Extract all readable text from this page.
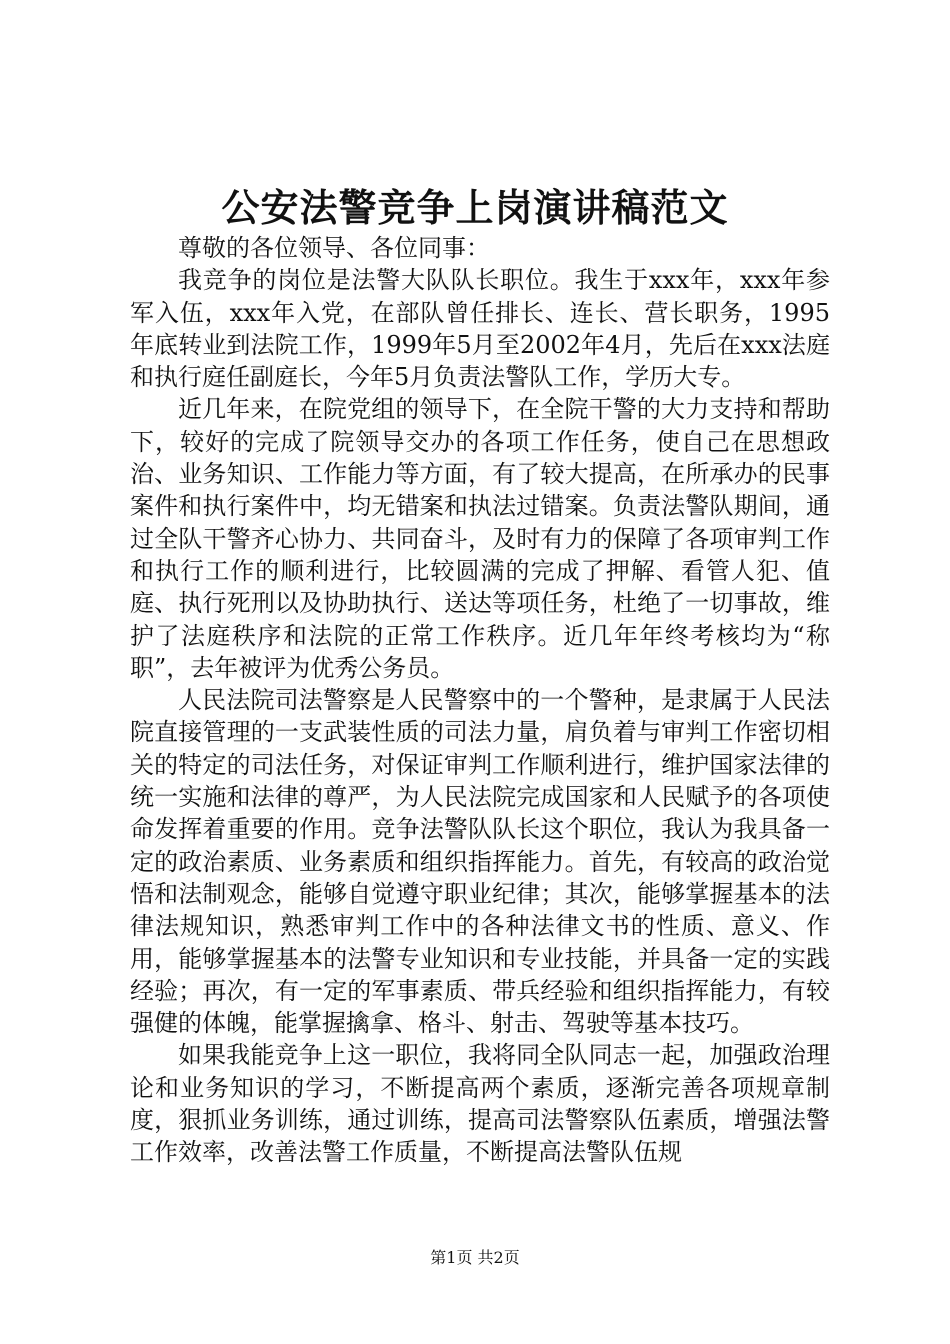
公安法警竞争上岗演讲稿范文

尊敬的各位领导、各位同事：

我竞争的岗位是法警大队队长职位。我生于xxx年，xxx年参军入伍，xxx年入党，在部队曾任排长、连长、营长职务，1995年底转业到法院工作，1999年5月至2002年4月，先后在xxx法庭和执行庭任副庭长，今年5月负责法警队工作，学历大专。

近几年来，在院党组的领导下，在全院干警的大力支持和帮助下，较好的完成了院领导交办的各项工作任务，使自己在思想政治、业务知识、工作能力等方面，有了较大提高，在所承办的民事案件和执行案件中，均无错案和执法过错案。负责法警队期间，通过全队干警齐心协力、共同奋斗，及时有力的保障了各项审判工作和执行工作的顺利进行，比较圆满的完成了押解、看管人犯、值庭、执行死刑以及协助执行、送达等项任务，杜绝了一切事故，维护了法庭秩序和法院的正常工作秩序。近几年年终考核均为“称职”，去年被评为优秀公务员。

人民法院司法警察是人民警察中的一个警种，是隶属于人民法院直接管理的一支武装性质的司法力量，肩负着与审判工作密切相关的特定的司法任务，对保证审判工作顺利进行，维护国家法律的统一实施和法律的尊严，为人民法院完成国家和人民赋予的各项使命发挥着重要的作用。竞争法警队队长这个职位，我认为我具备一定的政治素质、业务素质和组织指挥能力。首先，有较高的政治觉悟和法制观念，能够自觉遵守职业纪律；其次，能够掌握基本的法律法规知识，熟悉审判工作中的各种法律文书的性质、意义、作用，能够掌握基本的法警专业知识和专业技能，并具备一定的实践经验；再次，有一定的军事素质、带兵经验和组织指挥能力，有较强健的体魄，能掌握擒拿、格斗、射击、驾驶等基本技巧。

如果我能竞争上这一职位，我将同全队同志一起，加强政治理论和业务知识的学习，不断提高两个素质，逐渐完善各项规章制度，狠抓业务训练，通过训练，提高司法警察队伍素质，增强法警工作效率，改善法警工作质量，不断提高法警队伍规

第1页 共2页
